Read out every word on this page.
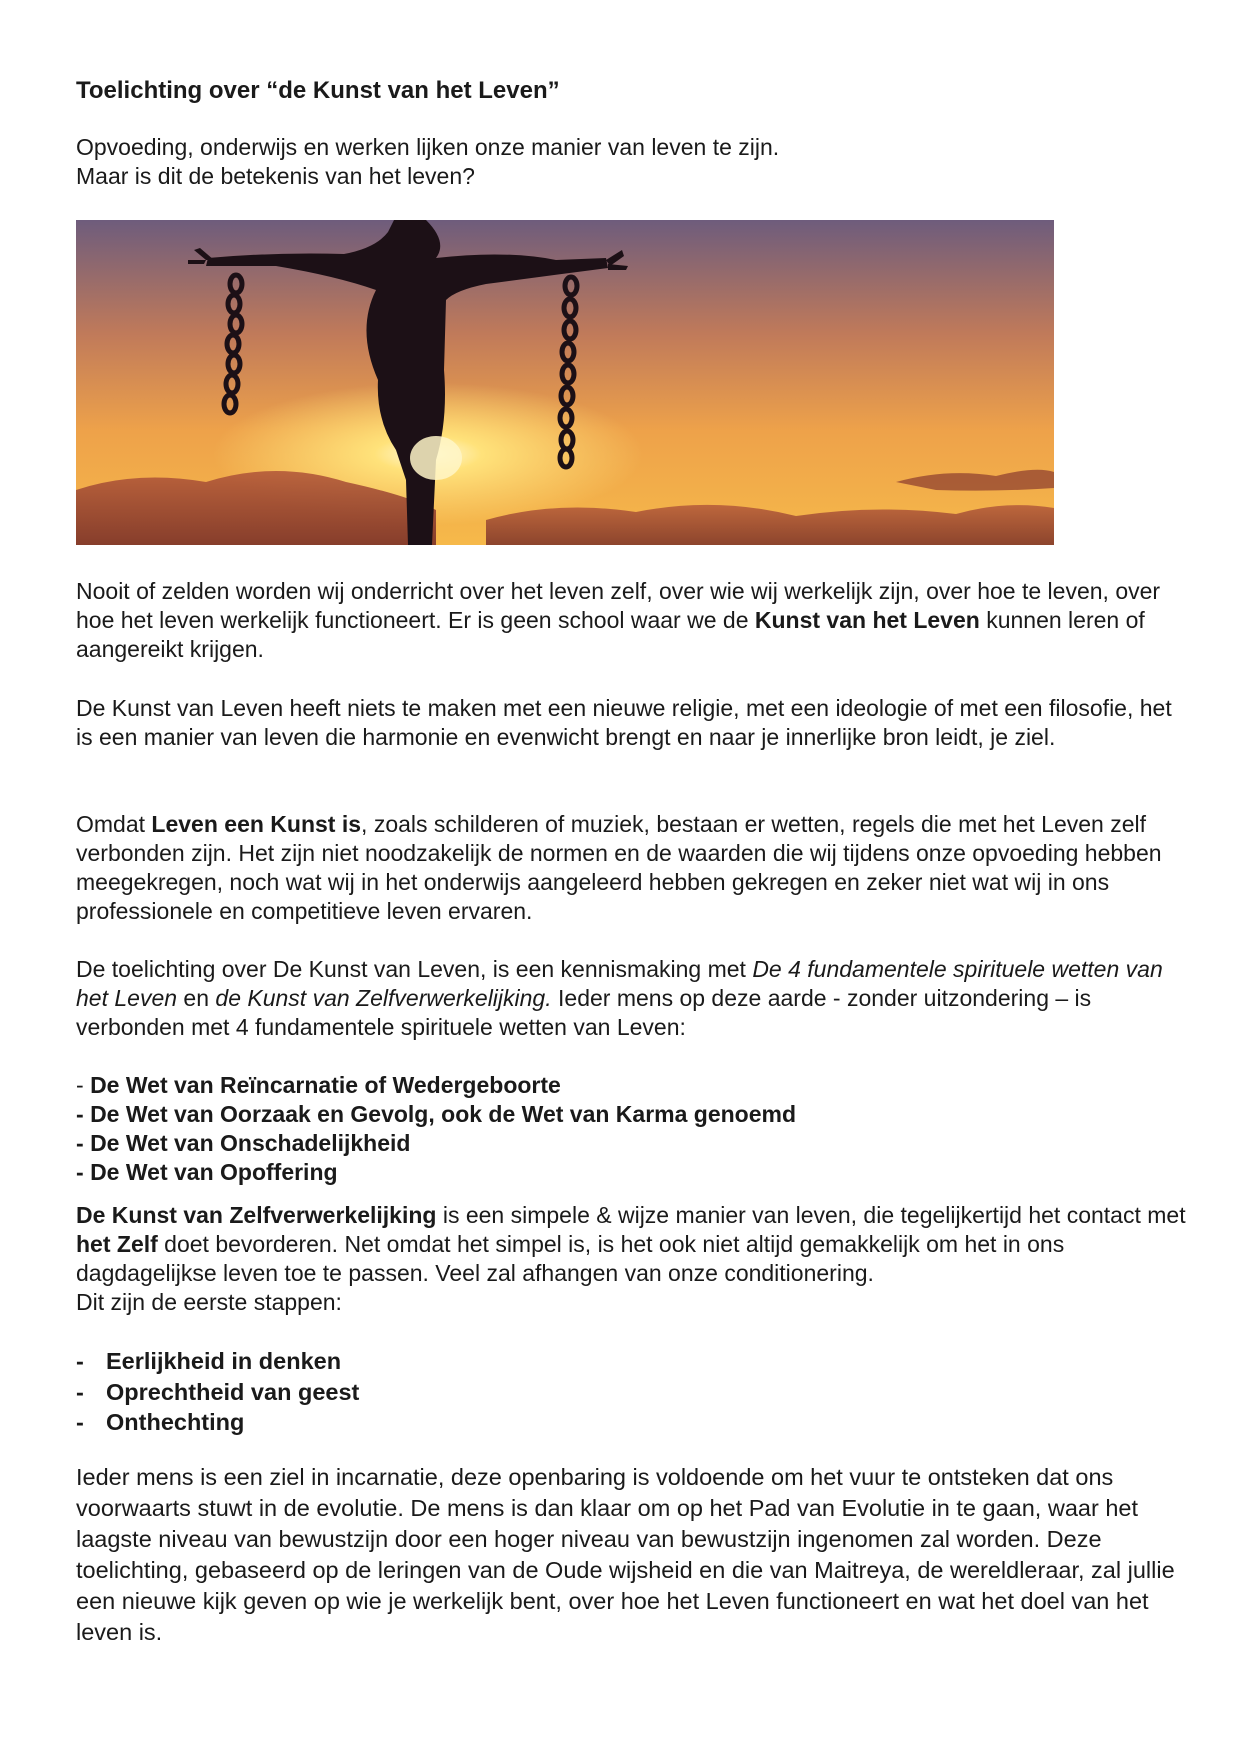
Toelichting over “de Kunst van het Leven”

Opvoeding, onderwijs en werken lijken onze manier van leven te zijn.

Maar is dit de betekenis van het leven?

Nooit of zelden worden wij onderricht over het leven zelf, over wie wij werkelijk zijn, over hoe te leven, over hoe het leven werkelijk functioneert. Er is geen school waar we de Kunst van het Leven kunnen leren of aangereikt krijgen.

De Kunst van Leven heeft niets te maken met een nieuwe religie, met een ideologie of met een filosofie, het is een manier van leven die harmonie en evenwicht brengt en naar je innerlijke bron leidt, je ziel.

Omdat Leven een Kunst is, zoals schilderen of muziek, bestaan er wetten, regels die met het Leven zelf verbonden zijn. Het zijn niet noodzakelijk de normen en de waarden die wij tijdens onze opvoeding hebben meegekregen, noch wat wij in het onderwijs aangeleerd hebben gekregen en zeker niet wat wij in ons professionele en competitieve leven ervaren.

De toelichting over De Kunst van Leven, is een kennismaking met De 4 fundamentele spirituele wetten van het Leven en de Kunst van Zelfverwerkelijking. Ieder mens op deze aarde - zonder uitzondering – is verbonden met 4 fundamentele spirituele wetten van Leven:

- De Wet van Reïncarnatie of Wedergeboorte

- De Wet van Oorzaak en Gevolg, ook de Wet van Karma genoemd

- De Wet van Onschadelijkheid

- De Wet van Opoffering

De Kunst van Zelfverwerkelijking is een simpele & wijze manier van leven, die tegelijkertijd het contact met het Zelf doet bevorderen. Net omdat het simpel is, is het ook niet altijd gemakkelijk om het in ons dagdagelijkse leven toe te passen. Veel zal afhangen van onze conditionering.

Dit zijn de eerste stappen:

- Eerlijkheid in denken

- Oprechtheid van geest

- Onthechting

Ieder mens is een ziel in incarnatie, deze openbaring is voldoende om het vuur te ontsteken dat ons voorwaarts stuwt in de evolutie. De mens is dan klaar om op het Pad van Evolutie in te gaan, waar het laagste niveau van bewustzijn door een hoger niveau van bewustzijn ingenomen zal worden. Deze toelichting, gebaseerd op de leringen van de Oude wijsheid en die van Maitreya, de wereldleraar, zal jullie een nieuwe kijk geven op wie je werkelijk bent, over hoe het Leven functioneert en wat het doel van het leven is.
